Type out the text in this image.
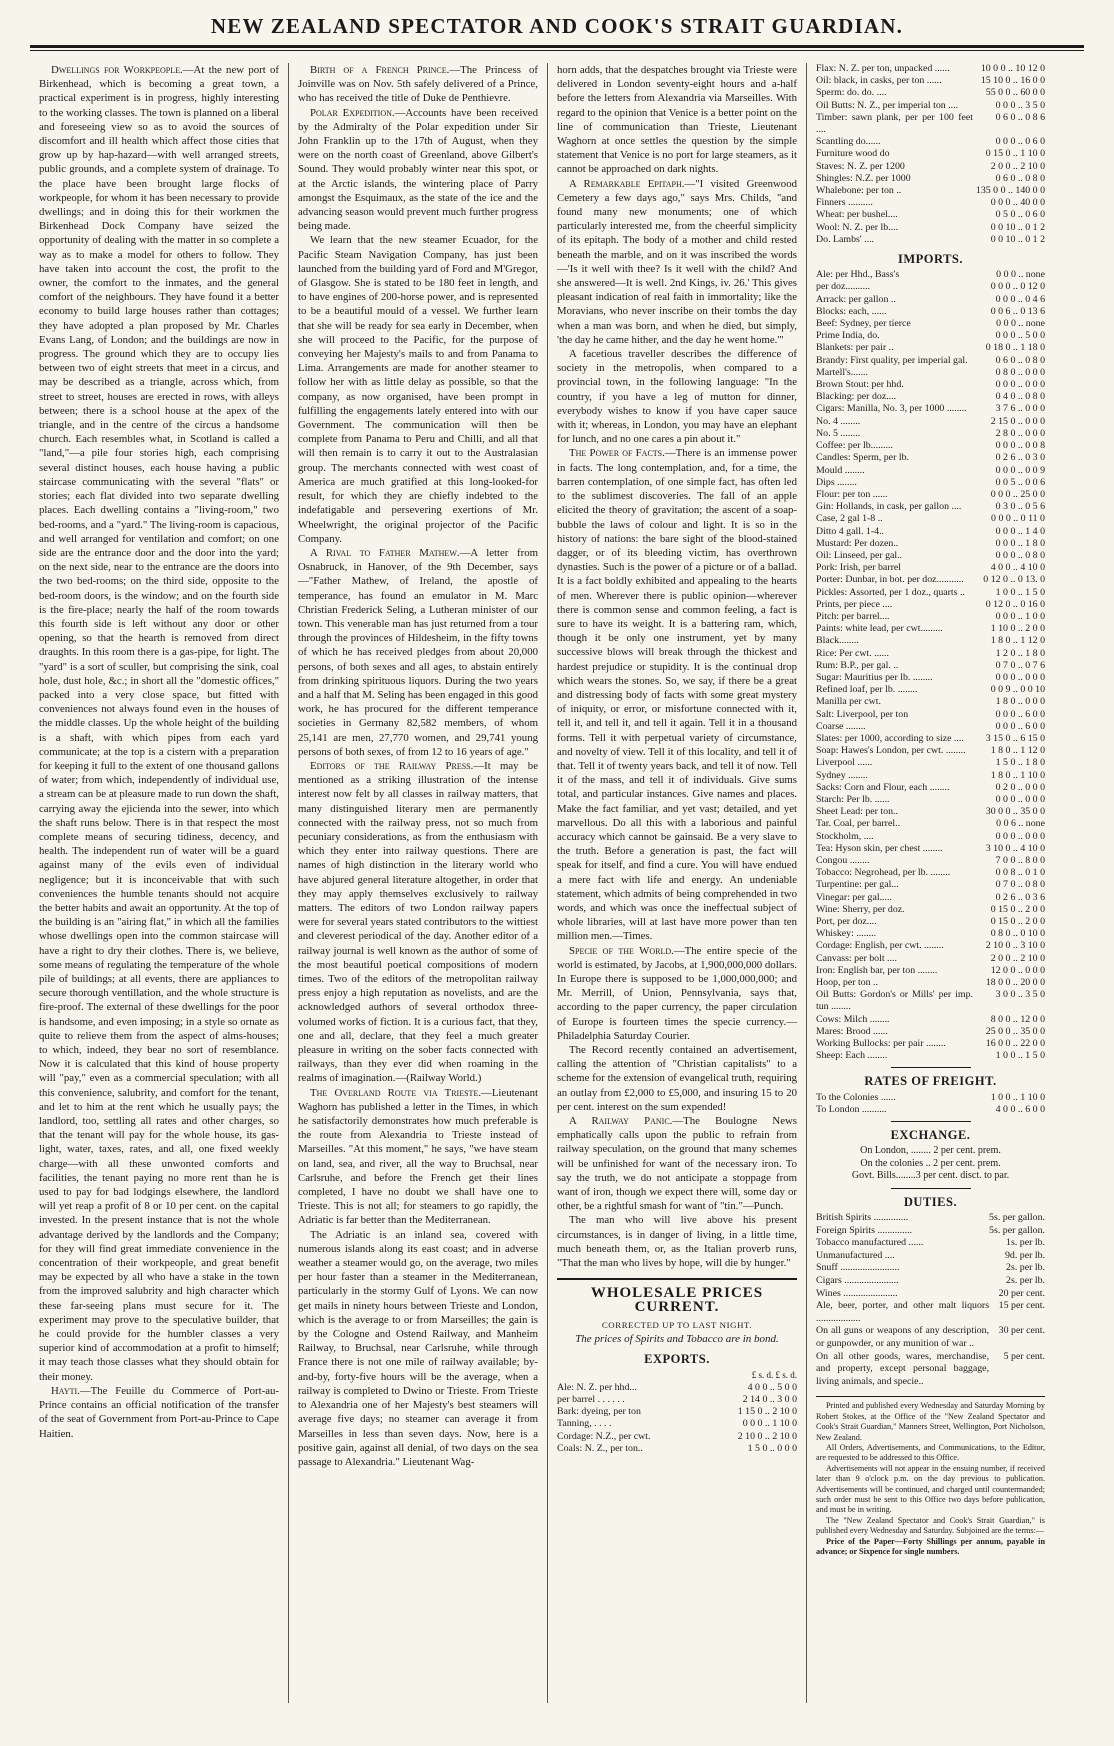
NEW ZEALAND SPECTATOR AND COOK'S STRAIT GUARDIAN.

Dwellings for Workpeople.—At the new port of Birkenhead, which is becoming a great town, a practical experiment is in progress, highly interesting to the working classes. The town is planned on a liberal and foreseeing view so as to avoid the sources of discomfort and ill health which affect those cities that grow up by hap-hazard—with well arranged streets, public grounds, and a complete system of drainage. To the place have been brought large flocks of workpeople, for whom it has been necessary to provide dwellings; and in doing this for their workmen the Birkenhead Dock Company have seized the opportunity of dealing with the matter in so complete a way as to make a model for others to follow. They have taken into account the cost, the profit to the owner, the comfort to the inmates, and the general comfort of the neighbours. They have found it a better economy to build large houses rather than cottages; they have adopted a plan proposed by Mr. Charles Evans Lang, of London; and the buildings are now in progress. The ground which they are to occupy lies between two of eight streets that meet in a circus, and may be described as a triangle, across which, from street to street, houses are erected in rows, with alleys between; there is a school house at the apex of the triangle, and in the centre of the circus a handsome church. Each resembles what, in Scotland is called a "land,"—a pile four stories high, each comprising several distinct houses, each house having a public staircase communicating with the several "flats" or stories; each flat divided into two separate dwelling places. Each dwelling contains a "living-room," two bed-rooms, and a "yard." The living-room is capacious, and well arranged for ventilation and comfort; on one side are the entrance door and the door into the yard; on the next side, near to the entrance are the doors into the two bed-rooms; on the third side, opposite to the bed-room doors, is the window; and on the fourth side is the fire-place; nearly the half of the room towards this fourth side is left without any door or other opening, so that the hearth is removed from direct draughts. In this room there is a gas-pipe, for light. The "yard" is a sort of sculler, but comprising the sink, coal hole, dust hole, &c.; in short all the "domestic offices," packed into a very close space, but fitted with conveniences not always found even in the houses of the middle classes. Up the whole height of the building is a shaft, with which pipes from each yard communicate; at the top is a cistern with a preparation for keeping it full to the extent of one thousand gallons of water; from which, independently of individual use, a stream can be at pleasure made to run down the shaft, carrying away the ejicienda into the sewer, into which the shaft runs below. There is in that respect the most complete means of securing tidiness, decency, and health. The independent run of water will be a guard against many of the evils even of individual negligence; but it is inconceivable that with such conveniences the humble tenants should not acquire the better habits and await an opportunity. At the top of the building is an "airing flat," in which all the families whose dwellings open into the common staircase will have a right to dry their clothes. There is, we believe, some means of regulating the temperature of the whole pile of buildings; at all events, there are appliances to secure thorough ventillation, and the whole structure is fire-proof. The external of these dwellings for the poor is handsome, and even imposing; in a style so ornate as quite to relieve them from the aspect of alms-houses; to which, indeed, they bear no sort of resemblance. Now it is calculated that this kind of house property will "pay," even as a commercial speculation; with all this convenience, salubrity, and comfort for the tenant, and let to him at the rent which he usually pays; the landlord, too, settling all rates and other charges, so that the tenant will pay for the whole house, its gas-light, water, taxes, rates, and all, one fixed weekly charge—with all these unwonted comforts and facilities, the tenant paying no more rent than he is used to pay for bad lodgings elsewhere, the landlord will yet reap a profit of 8 or 10 per cent. on the capital invested. In the present instance that is not the whole advantage derived by the landlords and the Company; for they will find great immediate convenience in the concentration of their workpeople, and great benefit may be expected by all who have a stake in the town from the improved salubrity and high character which these far-seeing plans must secure for it. The experiment may prove to the speculative builder, that he could provide for the humbler classes a very superior kind of accommodation at a profit to himself; it may teach those classes what they should obtain for their money.

Hayti.—The Feuille du Commerce of Port-au-Prince contains an official notification of the transfer of the seat of Government from Port-au-Prince to Cape Haitien.

Birth of a French Prince.—The Princess of Joinville was on Nov. 5th safely delivered of a Prince, who has received the title of Duke de Penthievre.

Polar Expedition.—Accounts have been received by the Admiralty of the Polar expedition under Sir John Franklin up to the 17th of August, when they were on the north coast of Greenland, above Gilbert's Sound. They would probably winter near this spot, or at the Arctic islands, the wintering place of Parry amongst the Esquimaux, as the state of the ice and the advancing season would prevent much further progress being made.

We learn that the new steamer Ecuador, for the Pacific Steam Navigation Company, has just been launched from the building yard of Ford and M'Gregor, of Glasgow. She is stated to be 180 feet in length, and to have engines of 200-horse power, and is represented to be a beautiful mould of a vessel. We further learn that she will be ready for sea early in December, when she will proceed to the Pacific, for the purpose of conveying her Majesty's mails to and from Panama to Lima. Arrangements are made for another steamer to follow her with as little delay as possible, so that the company, as now organised, have been prompt in fulfilling the engagements lately entered into with our Government. The communication will then be complete from Panama to Peru and Chilli, and all that will then remain is to carry it out to the Australasian group. The merchants connected with west coast of America are much gratified at this long-looked-for result, for which they are chiefly indebted to the indefatigable and persevering exertions of Mr. Wheelwright, the original projector of the Pacific Company.

A Rival to Father Mathew.—A letter from Osnabruck, in Hanover, of the 9th December, says—"Father Mathew, of Ireland, the apostle of temperance, has found an emulator in M. Marc Christian Frederick Seling, a Lutheran minister of our town. This venerable man has just returned from a tour through the provinces of Hildesheim, in the fifty towns of which he has received pledges from about 20,000 persons, of both sexes and all ages, to abstain entirely from drinking spirituous liquors. During the two years and a half that M. Seling has been engaged in this good work, he has procured for the different temperance societies in Germany 82,582 members, of whom 25,141 are men, 27,770 women, and 29,741 young persons of both sexes, of from 12 to 16 years of age."

Editors of the Railway Press.—It may be mentioned as a striking illustration of the intense interest now felt by all classes in railway matters, that many distinguished literary men are permanently connected with the railway press, not so much from pecuniary considerations, as from the enthusiasm with which they enter into railway questions. There are names of high distinction in the literary world who have abjured general literature altogether, in order that they may apply themselves exclusively to railway matters. The editors of two London railway papers were for several years stated contributors to the wittiest and cleverest periodical of the day. Another editor of a railway journal is well known as the author of some of the most beautiful poetical compositions of modern times. Two of the editors of the metropolitan railway press enjoy a high reputation as novelists, and are the acknowledged authors of several orthodox three-volumed works of fiction. It is a curious fact, that they, one and all, declare, that they feel a much greater pleasure in writing on the sober facts connected with railways, than they ever did when roaming in the realms of imagination.—(Railway World.)

The Overland Route via Trieste.—Lieutenant Waghorn has published a letter in the Times, in which he satisfactorily demonstrates how much preferable is the route from Alexandria to Trieste instead of Marseilles. "At this moment," he says, "we have steam on land, sea, and river, all the way to Bruchsal, near Carlsruhe, and before the French get their lines completed, I have no doubt we shall have one to Trieste. This is not all; for steamers to go rapidly, the Adriatic is far better than the Mediterranean.

The Adriatic is an inland sea, covered with numerous islands along its east coast; and in adverse weather a steamer would go, on the average, two miles per hour faster than a steamer in the Mediterranean, particularly in the stormy Gulf of Lyons. We can now get mails in ninety hours between Trieste and London, which is the average to or from Marseilles; the gain is by the Cologne and Ostend Railway, and Manheim Railway, to Bruchsal, near Carlsruhe, while through France there is not one mile of railway available; by-and-by, forty-five hours will be the average, when a railway is completed to Dwino or Trieste. From Trieste to Alexandria one of her Majesty's best steamers will average five days; no steamer can average it from Marseilles in less than seven days. Now, here is a positive gain, against all denial, of two days on the sea passage to Alexandria." Lieutenant Wag-

horn adds, that the despatches brought via Trieste were delivered in London seventy-eight hours and a-half before the letters from Alexandria via Marseilles. With regard to the opinion that Venice is a better point on the line of communication than Trieste, Lieutenant Waghorn at once settles the question by the simple statement that Venice is no port for large steamers, as it cannot be approached on dark nights.

A Remarkable Epitaph.—"I visited Greenwood Cemetery a few days ago," says Mrs. Childs, "and found many new monuments; one of which particularly interested me, from the cheerful simplicity of its epitaph. The body of a mother and child rested beneath the marble, and on it was inscribed the words—'Is it well with thee? Is it well with the child? And she answered—It is well. 2nd Kings, iv. 26.' This gives pleasant indication of real faith in immortality; like the Moravians, who never inscribe on their tombs the day when a man was born, and when he died, but simply, 'the day he came hither, and the day he went home.'"

A facetious traveller describes the difference of society in the metropolis, when compared to a provincial town, in the following language: "In the country, if you have a leg of mutton for dinner, everybody wishes to know if you have caper sauce with it; whereas, in London, you may have an elephant for lunch, and no one cares a pin about it."

The Power of Facts.—There is an immense power in facts. The long contemplation, and, for a time, the barren contemplation, of one simple fact, has often led to the sublimest discoveries. The fall of an apple elicited the theory of gravitation; the ascent of a soap-bubble the laws of colour and light. It is so in the history of nations: the bare sight of the blood-stained dagger, or of its bleeding victim, has overthrown dynasties. Such is the power of a picture or of a ballad. It is a fact boldly exhibited and appealing to the hearts of men. Wherever there is public opinion—wherever there is common sense and common feeling, a fact is sure to have its weight. It is a battering ram, which, though it be only one instrument, yet by many successive blows will break through the thickest and hardest prejudice or stupidity. It is the continual drop which wears the stones. So, we say, if there be a great and distressing body of facts with some great mystery of iniquity, or error, or misfortune connected with it, tell it, and tell it, and tell it again. Tell it in a thousand forms. Tell it with perpetual variety of circumstance, and novelty of view. Tell it of this locality, and tell it of that. Tell it of twenty years back, and tell it of now. Tell it of the mass, and tell it of individuals. Give sums total, and particular instances. Give names and places. Make the fact familiar, and yet vast; detailed, and yet marvellous. Do all this with a laborious and painful accuracy which cannot be gainsaid. Be a very slave to the truth. Before a generation is past, the fact will speak for itself, and find a cure. You will have endued a mere fact with life and energy. An undeniable statement, which admits of being comprehended in two words, and which was once the ineffectual subject of whole libraries, will at last have more power than ten million men.—Times.

Specie of the World.—The entire specie of the world is estimated, by Jacobs, at 1,900,000,000 dollars. In Europe there is supposed to be 1,000,000,000; and Mr. Merrill, of Union, Pennsylvania, says that, according to the paper currency, the paper circulation of Europe is fourteen times the specie currency.—Philadelphia Saturday Courier.

The Record recently contained an advertisement, calling the attention of "Christian capitalists" to a scheme for the extension of evangelical truth, requiring an outlay from £2,000 to £5,000, and insuring 15 to 20 per cent. interest on the sum expended!

A Railway Panic.—The Boulogne News emphatically calls upon the public to refrain from railway speculation, on the ground that many schemes will be unfinished for want of the necessary iron. To say the truth, we do not anticipate a stoppage from want of iron, though we expect there will, some day or other, be a rightful smash for want of "tin."—Punch.

The man who will live above his present circumstances, is in danger of living, in a little time, much beneath them, or, as the Italian proverb runs, "That the man who lives by hope, will die by hunger."

WHOLESALE PRICES CURRENT.
CORRECTED UP TO LAST NIGHT.
The prices of Spirits and Tobacco are in bond.
EXPORTS.
£ s. d. £ s. d.
Ale: N. Z. per hhd...	4 0 0 .. 5 0 0
per barrel . . . . . .	2 14 0 .. 3 0 0
Bark: dyeing, per ton	1 15 0 .. 2 10 0
Tanning, . . . .	0 0 0 .. 1 10 0
Cordage: N.Z., per cwt.	2 10 0 .. 2 10 0
Coals: N. Z., per ton..	1 5 0 .. 0 0 0
Flax: N. Z. per ton, unpacked ......	10 0 0 .. 10 12 0
Oil: black, in casks, per ton ......	15 10 0 .. 16 0 0
Sperm: do. do. ....	55 0 0 .. 60 0 0
Oil Butts: N. Z., per imperial ton ....	0 0 0 .. 3 5 0
Timber: sawn plank, per per 100 feet ....	0 6 0 .. 0 8 6
Scantling do......	0 0 0 .. 0 6 0
Furniture wood do	0 15 0 .. 1 10 0
Staves: N. Z. per 1200	2 0 0 .. 2 10 0
Shingles: N.Z. per 1000	0 6 0 .. 0 8 0
Whalebone: per ton ..	135 0 0 .. 140 0 0
Finners ..........	0 0 0 .. 40 0 0
Wheat: per bushel....	0 5 0 .. 0 6 0
Wool: N. Z. per lb....	0 0 10 .. 0 1 2
Do. Lambs' ....	0 0 10 .. 0 1 2
IMPORTS.
Ale: per Hhd., Bass's	0 0 0 .. none
per doz..........	0 0 0 .. 0 12 0
Arrack: per gallon ..	0 0 0 .. 0 4 6
Blocks: each, ......	0 0 6 .. 0 13 6
Beef: Sydney, per tierce	0 0 0 .. none
Prime India, do.	0 0 0 .. 5 0 0
Blankets: per pair ..	0 18 0 .. 1 18 0
Brandy: First quality, per imperial gal.	0 6 0 .. 0 8 0
Martell's.......	0 8 0 .. 0 0 0
Brown Stout: per hhd.	0 0 0 .. 0 0 0
Blacking: per doz....	0 4 0 .. 0 8 0
Cigars: Manilla, No. 3, per 1000 ........	3 7 6 .. 0 0 0
No. 4 ........	2 15 0 .. 0 0 0
No. 5 ........	2 8 0 .. 0 0 0
Coffee: per lb.........	0 0 0 .. 0 0 8
Candles: Sperm, per lb.	0 2 6 .. 0 3 0
Mould ........	0 0 0 .. 0 0 9
Dips ........	0 0 5 .. 0 0 6
Flour: per ton ......	0 0 0 .. 25 0 0
Gin: Hollands, in cask, per gallon ....	0 3 0 .. 0 5 6
Case, 2 gal 1-8 ..	0 0 0 .. 0 11 0
Ditto 4 gall. 1-4..	0 0 0 .. 1 4 0
Mustard: Per dozen..	0 0 0 .. 1 8 0
Oil: Linseed, per gal..	0 0 0 .. 0 8 0
Pork: Irish, per barrel	4 0 0 .. 4 10 0
Porter: Dunbar, in bot. per doz...........	0 12 0 .. 0 13. 0
Pickles: Assorted, per 1 doz., quarts ..	1 0 0 .. 1 5 0
Prints, per piece ....	0 12 0 .. 0 16 0
Pitch: per barrel....	0 0 0 .. 1 0 0
Paints: white lead, per cwt.........	1 10 0 .. 2 0 0
Black........	1 8 0 .. 1 12 0
Rice: Per cwt. ......	1 2 0 .. 1 8 0
Rum: B.P., per gal. ..	0 7 0 .. 0 7 6
Sugar: Mauritius per lb. ........	0 0 0 .. 0 0 0
Refined loaf, per lb. ........	0 0 9 .. 0 0 10
Manilla per cwt.	1 8 0 .. 0 0 0
Salt: Liverpool, per ton	0 0 0 .. 6 0 0
Coarse ........	0 0 0 .. 6 0 0
Slates: per 1000, according to size ....	3 15 0 .. 6 15 0
Soap: Hawes's London, per cwt. ........	1 8 0 .. 1 12 0
Liverpool ......	1 5 0 .. 1 8 0
Sydney ........	1 8 0 .. 1 10 0
Sacks: Corn and Flour, each ........	0 2 0 .. 0 0 0
Starch: Per lb. ......	0 0 0 .. 0 0 0
Sheet Lead: per ton..	30 0 0 .. 35 0 0
Tar. Coal, per barrel..	0 0 6 .. none
Stockholm, ....	0 0 0 .. 0 0 0
Tea: Hyson skin, per chest ........	3 10 0 .. 4 10 0
Congou ........	7 0 0 .. 8 0 0
Tobacco: Negrohead, per lb. ........	0 0 8 .. 0 1 0
Turpentine: per gal...	0 7 0 .. 0 8 0
Vinegar: per gal.....	0 2 6 .. 0 3 6
Wine: Sherry, per doz.	0 15 0 .. 2 0 0
Port, per doz....	0 15 0 .. 2 0 0
Whiskey: ........	0 8 0 .. 0 10 0
Cordage: English, per cwt. ........	2 10 0 .. 3 10 0
Canvass: per bolt ....	2 0 0 .. 2 10 0
Iron: English bar, per ton ........	12 0 0 .. 0 0 0
Hoop, per ton ..	18 0 0 .. 20 0 0
Oil Butts: Gordon's or Mills' per imp. tun ........	3 0 0 .. 3 5 0
Cows: Milch ........	8 0 0 .. 12 0 0
Mares: Brood ......	25 0 0 .. 35 0 0
Working Bullocks: per pair ........	16 0 0 .. 22 0 0
Sheep: Each ........	1 0 0 .. 1 5 0
RATES OF FREIGHT.
To the Colonies ......	1 0 0 .. 1 10 0
To London ..........	4 0 0 .. 6 0 0
EXCHANGE.
On London, ........ 2 per cent. prem.
On the colonies .. 2 per cent. prem.
Govt. Bills........3 per cent. disct. to par.
DUTIES.
British Spirits ..............	5s. per gallon.
Foreign Spirits ..............	5s. per gallon.
Tobacco manufactured ......	1s. per lb.
Unmanufactured ....	9d. per lb.
Snuff ........................	2s. per lb.
Cigars ......................	2s. per lb.
Wines ......................	20 per cent.
Ale, beer, porter, and other malt liquors ..................	15 per cent.
On all guns or weapons of any description, or gunpowder, or any munition of war ..	30 per cent.
On all other goods, wares, merchandise, and property, except personal baggage, living animals, and specie..	5 per cent.

Printed and published every Wednesday and Saturday Morning by Robert Stokes, at the Office of the "New Zealand Spectator and Cook's Strait Guardian," Manners Street, Wellington, Port Nicholson, New Zealand.

All Orders, Advertisements, and Communications, to the Editor, are requested to be addressed to this Office.

Advertisements will not appear in the ensuing number, if received later than 9 o'clock p.m. on the day previous to publication. Advertisements will be continued, and charged until countermanded; such order must be sent to this Office two days before publication, and must be in writing.

The "New Zealand Spectator and Cook's Strait Guardian," is published every Wednesday and Saturday. Subjoined are the terms:—

Price of the Paper—Forty Shillings per annum, payable in advance; or Sixpence for single numbers.
